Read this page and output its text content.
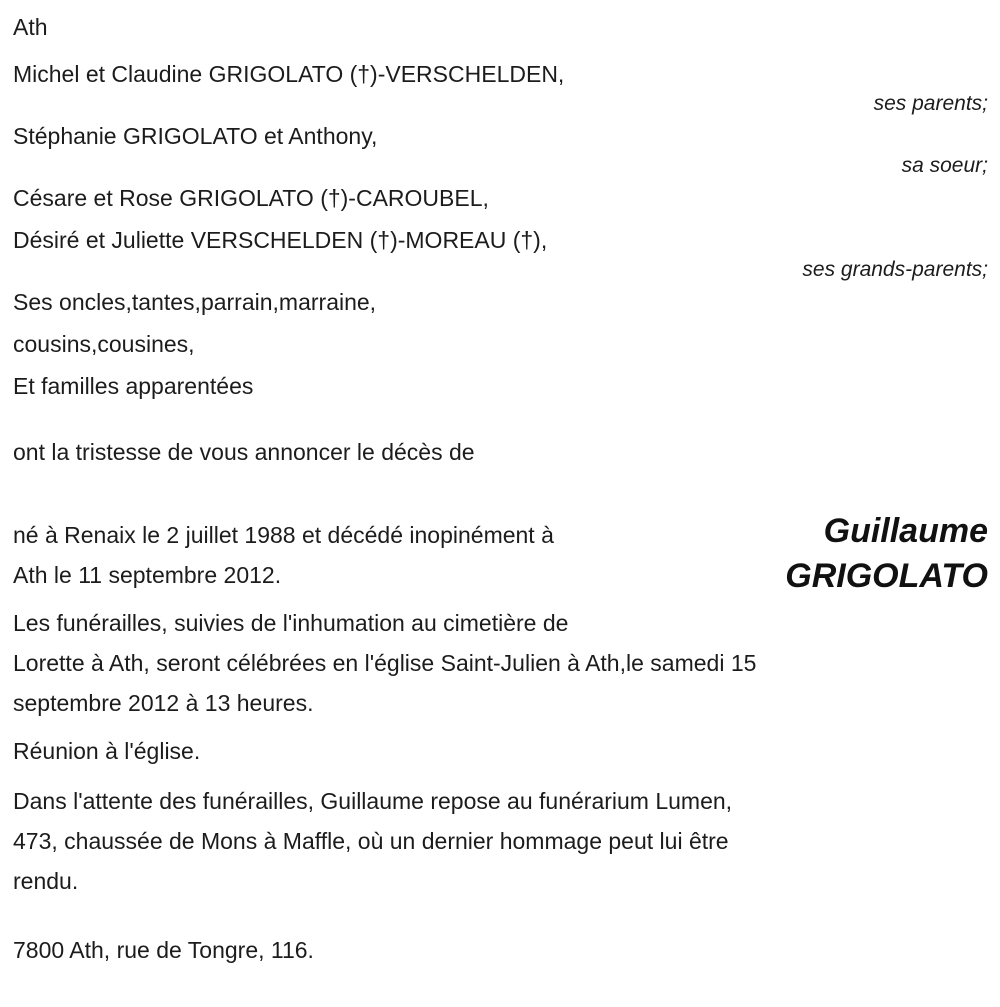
Ath
Michel et Claudine GRIGOLATO (†)-VERSCHELDEN,
ses parents;
Stéphanie GRIGOLATO et Anthony,
sa soeur;
Césare et Rose GRIGOLATO (†)-CAROUBEL,
Désiré et Juliette VERSCHELDEN (†)-MOREAU (†),
ses grands-parents;
Ses oncles,tantes,parrain,marraine,
cousins,cousines,
Et familles apparentées
ont la tristesse de vous annoncer le décès de
Guillaume
GRIGOLATO
né à Renaix le 2 juillet 1988 et décédé inopinément à
Ath le 11 septembre 2012.
Les funérailles, suivies de l'inhumation au cimetière de
Lorette à Ath, seront célébrées en l'église Saint-Julien à Ath,le samedi 15
septembre 2012 à 13 heures.
Réunion à l'église.
Dans l'attente des funérailles, Guillaume repose au funérarium Lumen,
473, chaussée de Mons à Maffle, où un dernier hommage peut lui être
rendu.
7800 Ath, rue de Tongre, 116.
